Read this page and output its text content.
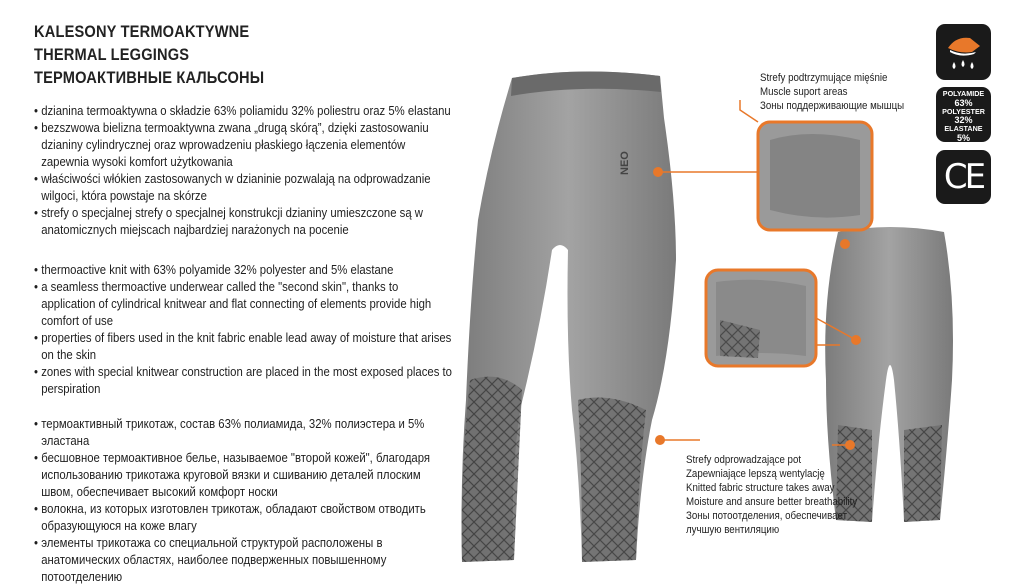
NEO
KALESONY TERMOAKTYWNE
THERMAL LEGGINGS
ТЕРМОАКТИВНЫЕ КАЛЬСОНЫ
• dzianina termoaktywna o składzie 63% poliamidu 32% poliestru oraz 5% elastanu
• bezszwowa bielizna termoaktywna zwana „drugą skórą”, dzięki zastosowaniu dzianiny cylindrycznej oraz wprowadzeniu płaskiego łączenia elementów zapewnia wysoki komfort użytkowania
• właściwości włókien zastosowanych w dzianinie pozwalają na odprowadzanie wilgoci, która powstaje na skórze
• strefy o specjalnej strefy o specjalnej konstrukcji dzianiny umieszczone są w anatomicznych miejscach najbardziej narażonych na pocenie
• thermoactive knit with 63% polyamide 32% polyester and 5% elastane
• a seamless thermoactive underwear called the "second skin", thanks to application of cylindrical knitwear and flat connecting of elements provide high comfort of use
• properties of fibers used in the knit fabric enable lead away of moisture that arises on the skin
• zones with special knitwear construction are placed in the most exposed places to perspiration
• термоактивный трикотаж, состав 63% полиамида, 32% полиэстера и 5% эластана
• бесшовное термоактивное белье, называемое "второй кожей", благодаря использованию трикотажа круговой вязки и сшиванию деталей плоским швом, обеспечивает высокий комфорт носки
• волокна, из которых изготовлен трикотаж, обладают свойством отводить образующуюся на коже влагу
• элементы трикотажа со специальной структурой расположены в анатомических областях, наиболее подверженных повышенному потоотделению
Strefy podtrzymujące mięśnie
Muscle suport areas
Зоны поддерживающие мышцы
Strefy odprowadzające pot
Zapewniające lepszą wentylację
Knitted fabric structure takes away
Moisture and ansure better breathability
Зоны потоотделения, обеспечивает
лучшую вентиляцию
POLYAMIDE
63%
POLYESTER
32%
ELASTANE
5%
CE
